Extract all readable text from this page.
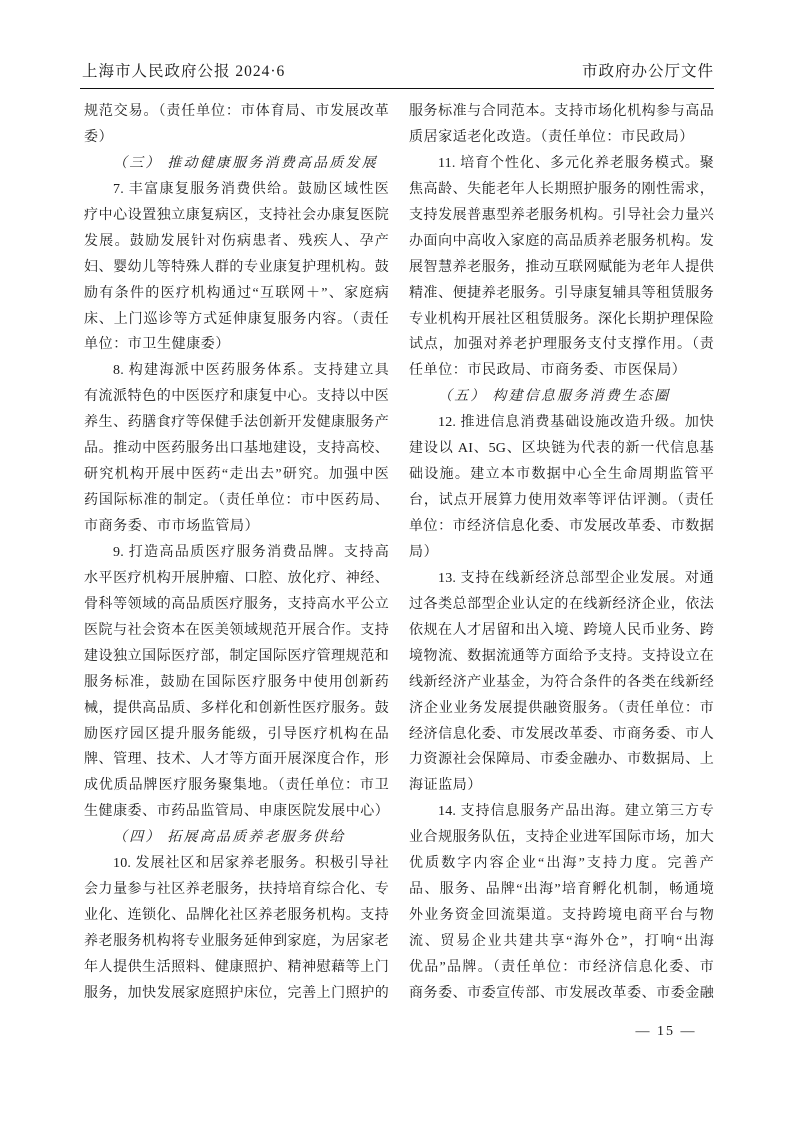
上海市人民政府公报 2024·6	市政府办公厅文件
规范交易。（责任单位：市体育局、市发展改革
委）
（三） 推动健康服务消费高品质发展
7. 丰富康复服务消费供给。鼓励区域性医
疗中心设置独立康复病区，支持社会办康复医院
发展。鼓励发展针对伤病患者、残疾人、孕产
妇、婴幼儿等特殊人群的专业康复护理机构。鼓
励有条件的医疗机构通过“互联网＋”、家庭病
床、上门巡诊等方式延伸康复服务内容。（责任
单位：市卫生健康委）
8. 构建海派中医药服务体系。支持建立具
有流派特色的中医医疗和康复中心。支持以中医
养生、药膳食疗等保健手法创新开发健康服务产
品。推动中医药服务出口基地建设，支持高校、
研究机构开展中医药“走出去”研究。加强中医
药国际标准的制定。（责任单位：市中医药局、
市商务委、市市场监管局）
9. 打造高品质医疗服务消费品牌。支持高
水平医疗机构开展肿瘤、口腔、放化疗、神经、
骨科等领域的高品质医疗服务，支持高水平公立
医院与社会资本在医美领域规范开展合作。支持
建设独立国际医疗部，制定国际医疗管理规范和
服务标准，鼓励在国际医疗服务中使用创新药
械，提供高品质、多样化和创新性医疗服务。鼓
励医疗园区提升服务能级，引导医疗机构在品
牌、管理、技术、人才等方面开展深度合作，形
成优质品牌医疗服务聚集地。（责任单位：市卫
生健康委、市药品监管局、申康医院发展中心）
（四） 拓展高品质养老服务供给
10. 发展社区和居家养老服务。积极引导社
会力量参与社区养老服务，扶持培育综合化、专
业化、连锁化、品牌化社区养老服务机构。支持
养老服务机构将专业服务延伸到家庭，为居家老
年人提供生活照料、健康照护、精神慰藉等上门
服务，加快发展家庭照护床位，完善上门照护的
服务标准与合同范本。支持市场化机构参与高品
质居家适老化改造。（责任单位：市民政局）
11. 培育个性化、多元化养老服务模式。聚
焦高龄、失能老年人长期照护服务的刚性需求，
支持发展普惠型养老服务机构。引导社会力量兴
办面向中高收入家庭的高品质养老服务机构。发
展智慧养老服务，推动互联网赋能为老年人提供
精准、便捷养老服务。引导康复辅具等租赁服务
专业机构开展社区租赁服务。深化长期护理保险
试点，加强对养老护理服务支付支撑作用。（责
任单位：市民政局、市商务委、市医保局）
（五） 构建信息服务消费生态圈
12. 推进信息消费基础设施改造升级。加快
建设以 AI、5G、区块链为代表的新一代信息基
础设施。建立本市数据中心全生命周期监管平
台，试点开展算力使用效率等评估评测。（责任
单位：市经济信息化委、市发展改革委、市数据
局）
13. 支持在线新经济总部型企业发展。对通
过各类总部型企业认定的在线新经济企业，依法
依规在人才居留和出入境、跨境人民币业务、跨
境物流、数据流通等方面给予支持。支持设立在
线新经济产业基金，为符合条件的各类在线新经
济企业业务发展提供融资服务。（责任单位：市
经济信息化委、市发展改革委、市商务委、市人
力资源社会保障局、市委金融办、市数据局、上
海证监局）
14. 支持信息服务产品出海。建立第三方专
业合规服务队伍，支持企业进军国际市场，加大
优质数字内容企业“出海”支持力度。完善产
品、服务、品牌“出海”培育孵化机制，畅通境
外业务资金回流渠道。支持跨境电商平台与物
流、贸易企业共建共享“海外仓”，打响“出海
优品”品牌。（责任单位：市经济信息化委、市
商务委、市委宣传部、市发展改革委、市委金融
— 15 —
